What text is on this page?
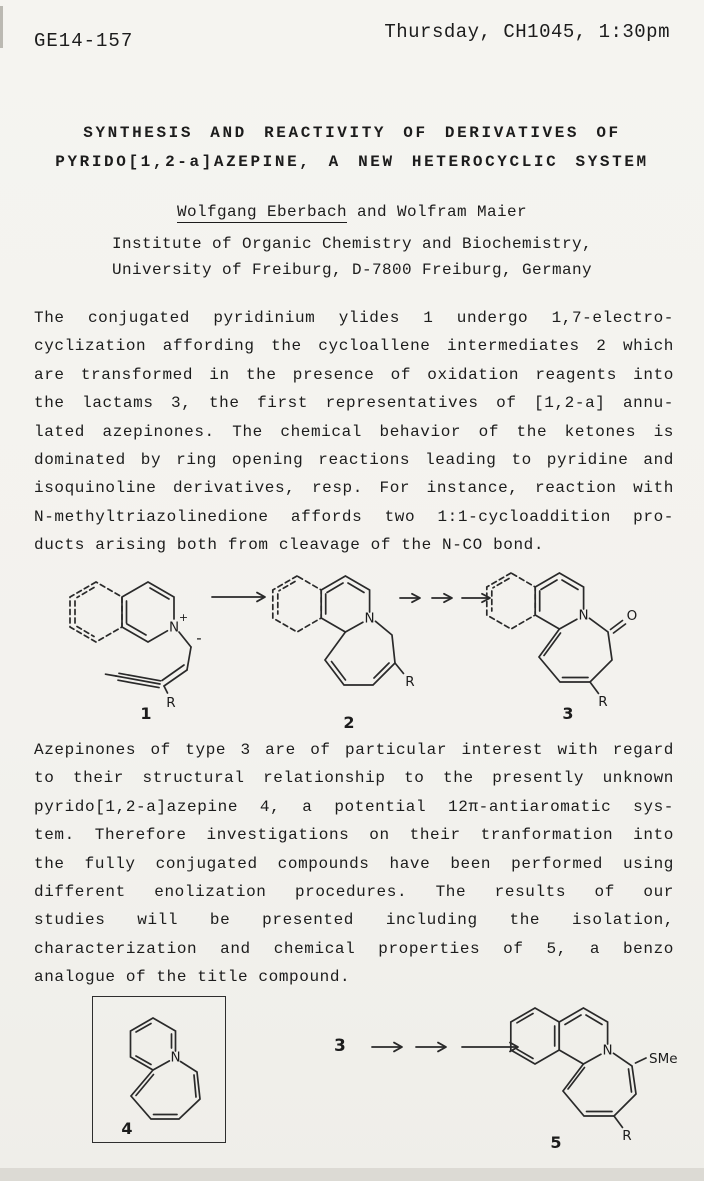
GE14-157	Thursday, CH1045, 1:30pm
SYNTHESIS AND REACTIVITY OF DERIVATIVES OF
PYRIDO[1,2-a]AZEPINE, A NEW HETEROCYCLIC SYSTEM
Wolfgang Eberbach and Wolfram Maier
Institute of Organic Chemistry and Biochemistry,
University of Freiburg, D-7800 Freiburg, Germany
The conjugated pyridinium ylides 1 undergo 1,7-electro-
cyclization affording the cycloallene intermediates 2 which
are transformed in the presence of oxidation reagents into
the lactams 3, the first representatives of [1,2-a] annu-
lated azepinones. The chemical behavior of the ketones is
dominated by ring opening reactions leading to pyridine and
isoquinoline derivatives, resp. For instance, reaction with
N-methyltriazolinedione affords two 1:1-cycloaddition pro-
ducts arising both from cleavage of the N-CO bond.
N
+
-
R
1
N
R
2
N	O
R
3
Azepinones of type 3 are of particular interest with regard
to their structural relationship to the presently unknown
pyrido[1,2-a]azepine 4, a potential 12π-antiaromatic sys-
tem. Therefore investigations on their tranformation into
the fully conjugated compounds have been performed using
different enolization procedures. The results of our
studies will be presented including the isolation,
characterization and chemical properties of 5, a benzo
analogue of the title compound.
N
4
3	N
SMe
R
5
